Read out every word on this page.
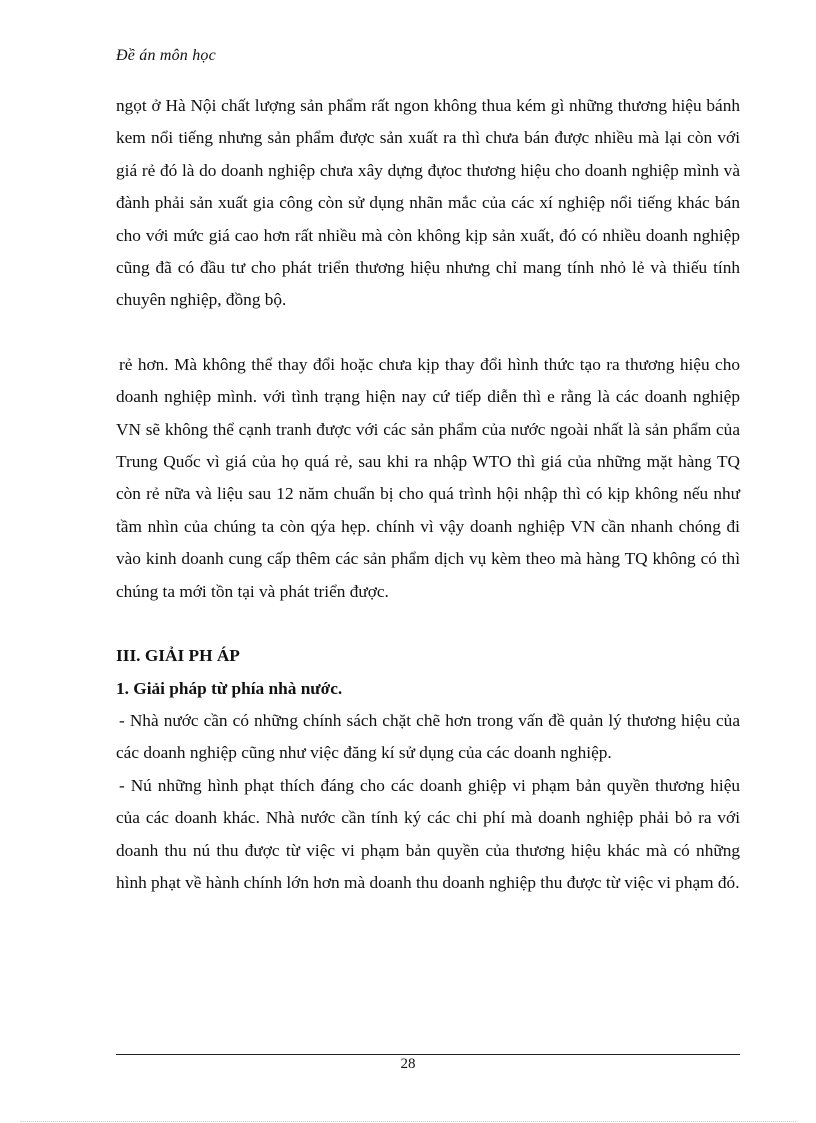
Đề án môn học

ngọt ở Hà Nội chất lượng sản phẩm rất ngon không thua kém gì những thương hiệu bánh kem nổi tiếng nhưng sản phẩm được sản xuất ra thì chưa bán được nhiều mà lại còn với giá rẻ đó là do doanh nghiệp chưa xây dựng đựoc thương hiệu cho doanh nghiệp mình và đành phải sản xuất gia công còn sử dụng nhãn mắc của các xí nghiệp nổi tiếng khác bán cho với mức giá cao hơn rất nhiều mà còn không kịp sản xuất, đó có nhiều doanh nghiệp cũng đã có đầu tư cho phát triển thương hiệu nhưng chỉ mang tính nhỏ lẻ và thiếu tính chuyên nghiệp, đồng bộ.

rẻ hơn. Mà không thể thay đổi hoặc chưa kịp thay đổi hình thức tạo ra thương hiệu cho doanh nghiệp mình. với tình trạng hiện nay cứ tiếp diễn thì e rằng là các doanh nghiệp VN sẽ không thể cạnh tranh được với các sản phẩm của nước ngoài nhất là sản phẩm của Trung Quốc vì giá của họ quá rẻ, sau khi ra nhập WTO thì giá của những mặt hàng TQ còn rẻ nữa và liệu sau 12 năm chuẩn bị cho quá trình hội nhập thì có kịp không nếu như tầm nhìn của chúng ta còn qýa hẹp. chính vì vậy doanh nghiệp VN cần nhanh chóng đi vào kinh doanh cung cấp thêm các sản phẩm dịch vụ kèm theo mà hàng TQ không có thì chúng ta mới tồn tại và phát triển được.

III. GIẢI PH ÁP

1. Giải pháp từ phía nhà nước.

- Nhà nước cần có những chính sách chặt chẽ hơn trong vấn đề quản lý thương hiệu của các doanh nghiệp cũng như việc đăng kí sử dụng của các doanh nghiệp.

- Nú những hình phạt thích đáng cho các doanh ghiệp vi phạm bản quyền thương hiệu của các doanh khác. Nhà nước cần tính ký các chi phí mà doanh nghiệp phải bỏ ra với doanh thu nú thu được từ việc vi phạm bản quyền của thương hiệu khác mà có những hình phạt về hành chính lớn hơn mà doanh thu doanh nghiệp thu được từ việc vi phạm đó.

28
